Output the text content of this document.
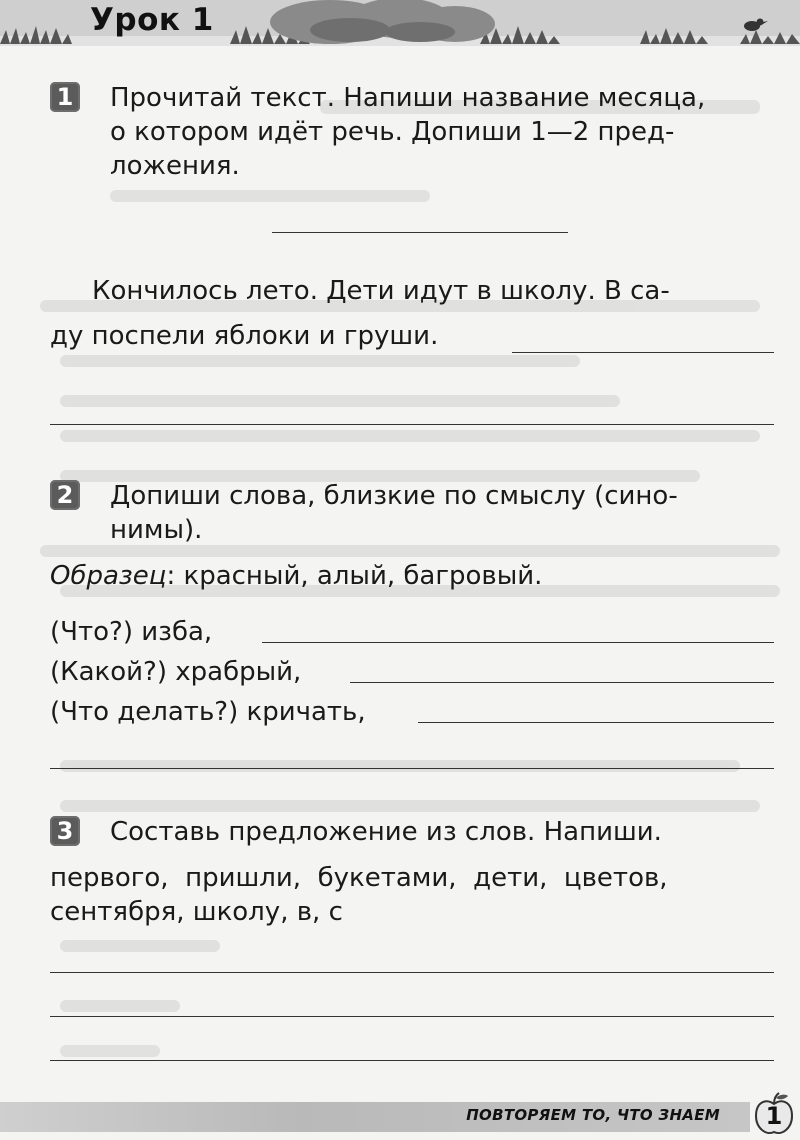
Урок 1
1 Прочитай текст. Напиши название месяца,

о котором идёт речь. Допиши 1—2 пред-

ложения.

Кончилось лето. Дети идут в школу. В са-

ду поспели яблоки и груши.

2 Допиши слова, близкие по смыслу (сино-

нимы).

Образец: красный, алый, багровый.

(Что?) изба,

(Какой?) храбрый,

(Что делать?) кричать,

3 Составь предложение из слов. Напиши.

первого,  пришли,  букетами,  дети,  цветов,

сентября, школу, в, с

ПОВТОРЯЕМ ТО, ЧТО ЗНАЕМ	1
